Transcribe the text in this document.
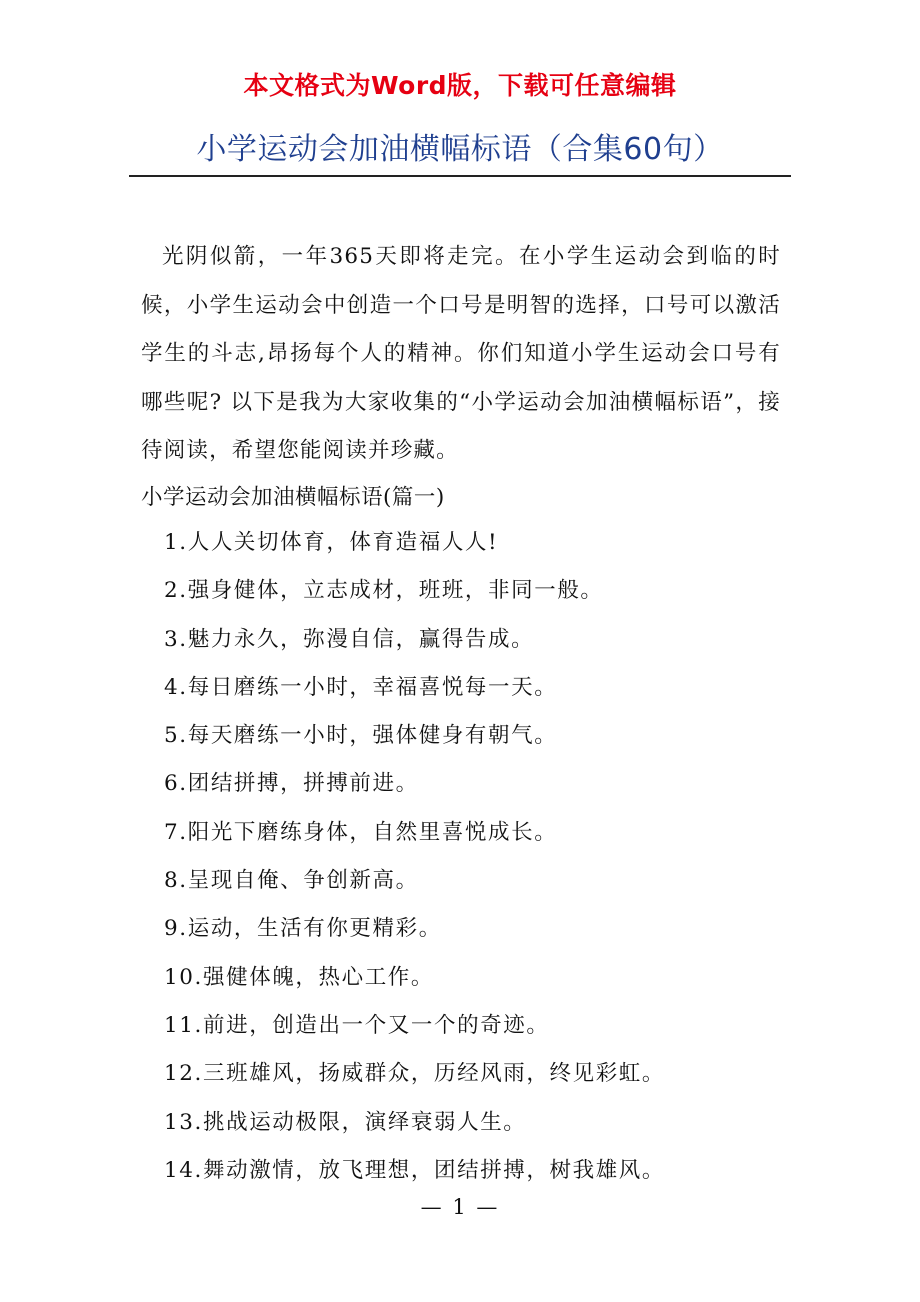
本文格式为Word版，下载可任意编辑
小学运动会加油横幅标语（合集60句）

光阴似箭，一年365天即将走完。在小学生运动会到临的时候，小学生运动会中创造一个口号是明智的选择，口号可以激活学生的斗志,昂扬每个人的精神。你们知道小学生运动会口号有哪些呢? 以下是我为大家收集的“小学运动会加油横幅标语”，接待阅读，希望您能阅读并珍藏。

小学运动会加油横幅标语(篇一)
1.人人关切体育，体育造福人人!
2.强身健体，立志成材，班班，非同一般。
3.魅力永久，弥漫自信，赢得告成。
4.每日磨练一小时，幸福喜悦每一天。
5.每天磨练一小时，强体健身有朝气。
6.团结拼搏，拼搏前进。
7.阳光下磨练身体，自然里喜悦成长。
8.呈现自俺、争创新高。
9.运动，生活有你更精彩。
10.强健体魄，热心工作。
11.前进，创造出一个又一个的奇迹。
12.三班雄风，扬威群众，历经风雨，终见彩虹。
13.挑战运动极限，演绎衰弱人生。
14.舞动激情，放飞理想，团结拼搏，树我雄风。
— 1 —
